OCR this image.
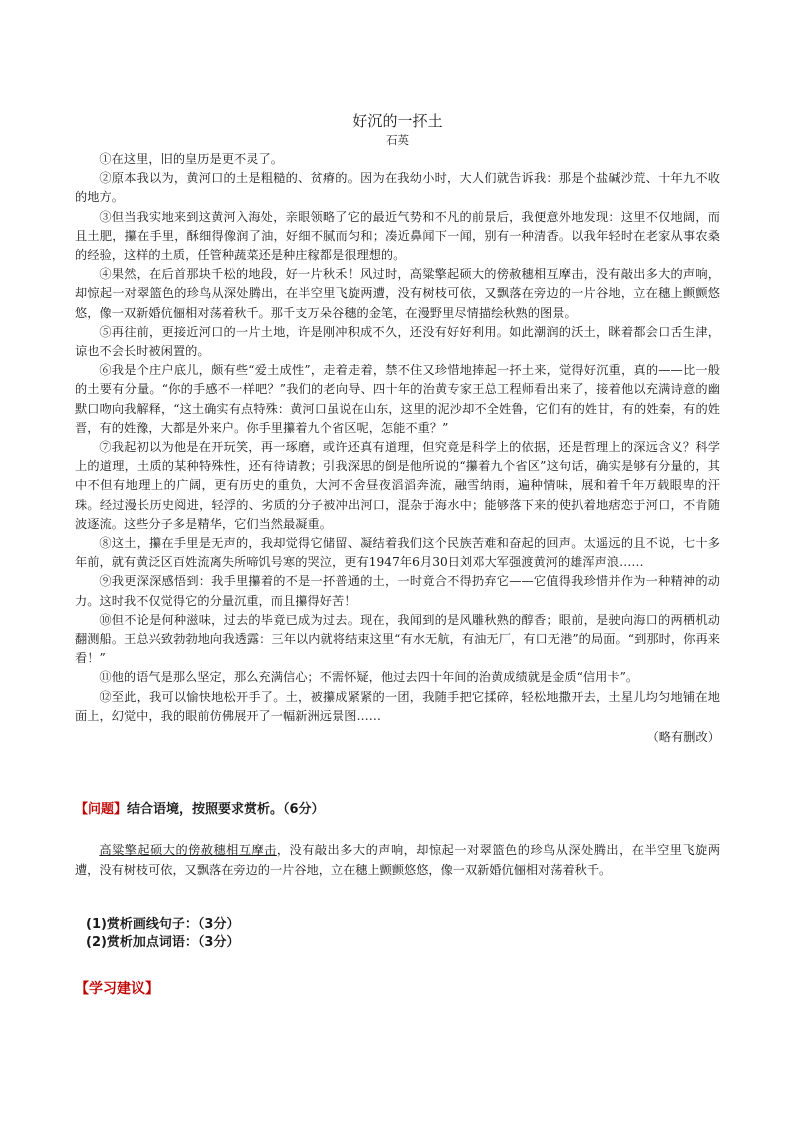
好沉的一抔土

石英

①在这里，旧的皇历是更不灵了。

②原本我以为，黄河口的土是粗糙的、贫瘠的。因为在我幼小时，大人们就告诉我：那是个盐碱沙荒、十年九不收的地方。

③但当我实地来到这黄河入海处，亲眼领略了它的最近气势和不凡的前景后，我便意外地发现：这里不仅地阔，而且土肥，攥在手里，酥细得像润了油，好细不腻而匀和；凑近鼻闻下一闻，别有一种清香。以我年轻时在老家从事农桑的经验，这样的土质，任管种蔬菜还是种庄稼都是很理想的。

④果然，在后首那块千松的地段，好一片秋禾！风过时，高粱擎起硕大的傍赦穗相互摩击，没有敲出多大的声响，却惊起一对翠篮色的珍鸟从深处腾出，在半空里飞旋两遭，没有树枝可依，又飘落在旁边的一片谷地，立在穗上颤颤悠悠，像一双新婚伉俪相对荡着秋千。那千支万朵谷穗的金笔，在漫野里尽情描绘秋熟的图景。

⑤再往前，更接近河口的一片土地，许是刚冲积成不久，还没有好好利用。如此潮润的沃土，眯着都会口舌生津，谅也不会长时被闲置的。

⑥我是个庄户底儿，颇有些“爱土成性”，走着走着，禁不住又珍惜地捧起一抔土来，觉得好沉重，真的——比一般的土要有分量。“你的手感不一样吧？”我们的老向导、四十年的治黄专家王总工程师看出来了，接着他以充满诗意的幽默口吻向我解释，“这土确实有点特殊：黄河口虽说在山东，这里的泥沙却不全姓鲁，它们有的姓甘，有的姓秦，有的姓晋，有的姓豫，大都是外来户。你手里攥着九个省区呢，怎能不重？”

⑦我起初以为他是在开玩笑，再一琢磨，或许还真有道理，但究竟是科学上的依据，还是哲理上的深远含义？科学上的道理，土质的某种特殊性，还有待请教；引我深思的倒是他所说的“攥着九个省区”这句话，确实是够有分量的，其中不但有地理上的广阔，更有历史的重负，大河不舍昼夜滔滔奔流，融雪纳雨，遍种情味，展和着千年万载眼卑的汗珠。经过漫长历史阅进，轻浮的、劣质的分子被冲出河口，混杂于海水中；能够落下来的使扒着地痞恋于河口，不肯随波逐流。这些分子多是精华，它们当然最凝重。

⑧这土，攥在手里是无声的，我却觉得它储留、凝结着我们这个民族苦难和奋起的回声。太遥远的且不说，七十多年前，就有黄泛区百姓流离失所啼饥号寒的哭泣，更有1947年6月30日刘邓大军强渡黄河的雄浑声浪……

⑨我更深深感悟到：我手里攥着的不是一抔普通的土，一时竟合不得扔弃它——它值得我珍惜并作为一种精神的动力。这时我不仅觉得它的分量沉重，而且攥得好苦！

⑩但不论是何种滋味，过去的毕竟已成为过去。现在，我闻到的是风雕秋熟的醇香；眼前，是驶向海口的两栖机动翻测船。王总兴致勃勃地向我透露：三年以内就将结束这里“有水无航，有油无厂，有口无港”的局面。“到那时，你再来看！”

⑪他的语气是那么坚定，那么充满信心；不需怀疑，他过去四十年间的治黄成绩就是金质“信用卡”。

⑫至此，我可以愉快地松开手了。土，被攥成紧紧的一团，我随手把它揉碎，轻松地撒开去，土星儿均匀地铺在地面上，幻觉中，我的眼前仿佛展开了一幅新洲远景图……

（略有删改）

【问题】结合语境，按照要求赏析。（6分）
高粱擎起硕大的傍赦穗相互摩击，没有敲出多大的声响，却惊起一对翠篮色的珍鸟从深处腾出，在半空里飞旋两遭，没有树枝可依，又飘落在旁边的一片谷地，立在穗上颤颤悠悠，像一双新婚伉俪相对荡着秋千。
(1)赏析画线句子：（3分）
(2)赏析加点词语：（3分）
【学习建议】
